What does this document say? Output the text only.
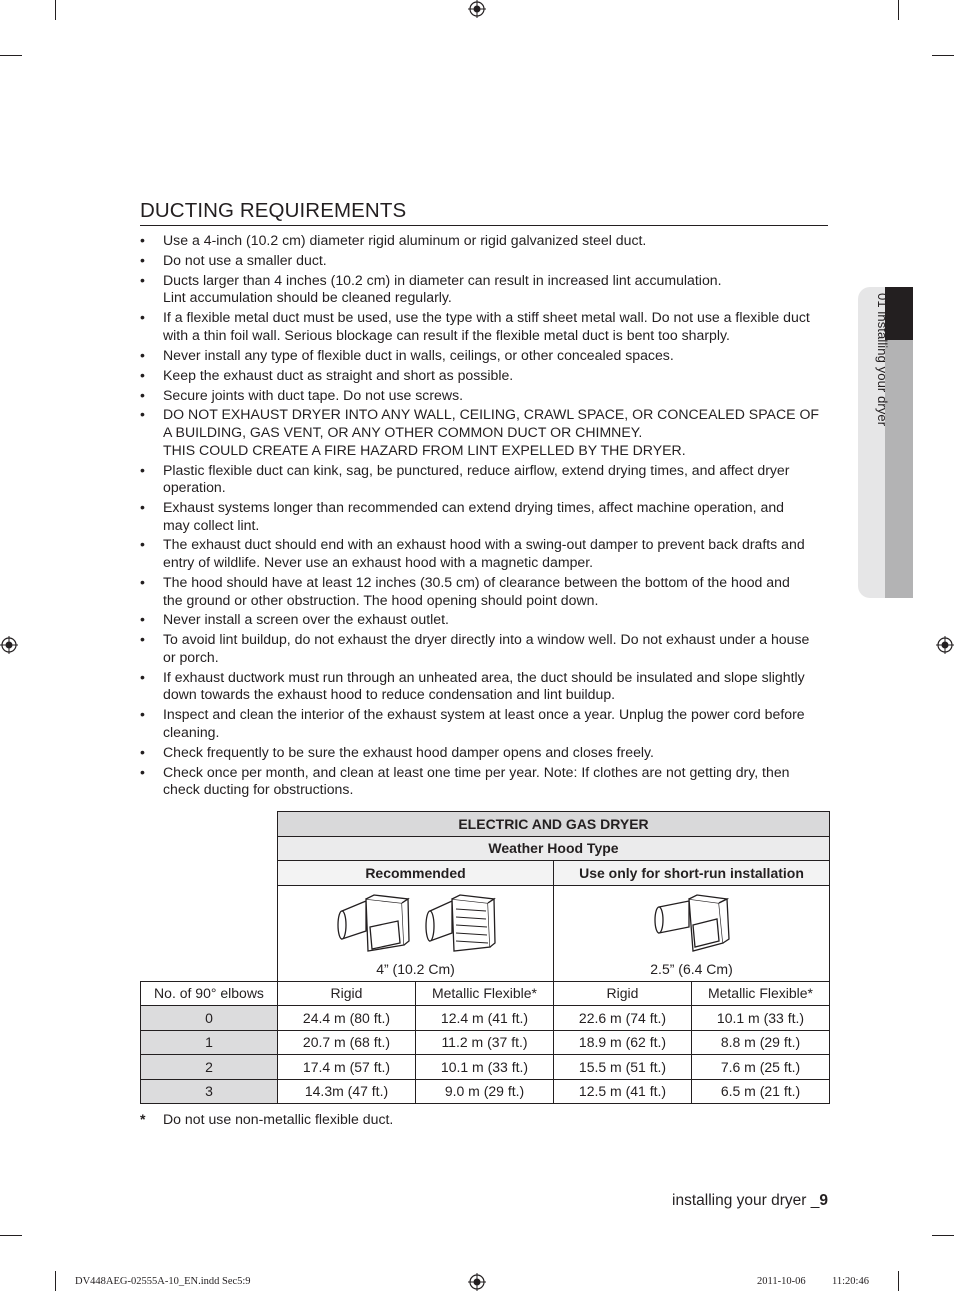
01 installing your dryer
DUCTING REQUIREMENTS
• Use a 4-inch (10.2 cm) diameter rigid aluminum or rigid galvanized steel duct.
• Do not use a smaller duct.
• Ducts larger than 4 inches (10.2 cm) in diameter can result in increased lint accumulation.
Lint accumulation should be cleaned regularly.
• If a flexible metal duct must be used, use the type with a stiff sheet metal wall. Do not use a flexible duct
with a thin foil wall. Serious blockage can result if the flexible metal duct is bent too sharply.
• Never install any type of flexible duct in walls, ceilings, or other concealed spaces.
• Keep the exhaust duct as straight and short as possible.
• Secure joints with duct tape. Do not use screws.
• DO NOT EXHAUST DRYER INTO ANY WALL, CEILING, CRAWL SPACE, OR CONCEALED SPACE OF
A BUILDING, GAS VENT, OR ANY OTHER COMMON DUCT OR CHIMNEY.
THIS COULD CREATE A FIRE HAZARD FROM LINT EXPELLED BY THE DRYER.
• Plastic flexible duct can kink, sag, be punctured, reduce airflow, extend drying times, and affect dryer
operation.
• Exhaust systems longer than recommended can extend drying times, affect machine operation, and
may collect lint.
• The exhaust duct should end with an exhaust hood with a swing-out damper to prevent back drafts and
entry of wildlife. Never use an exhaust hood with a magnetic damper.
• The hood should have at least 12 inches (30.5 cm) of clearance between the bottom of the hood and
the ground or other obstruction. The hood opening should point down.
• Never install a screen over the exhaust outlet.
• To avoid lint buildup, do not exhaust the dryer directly into a window well. Do not exhaust under a house
or porch.
• If exhaust ductwork must run through an unheated area, the duct should be insulated and slope slightly
down towards the exhaust hood to reduce condensation and lint buildup.
• Inspect and clean the interior of the exhaust system at least once a year. Unplug the power cord before
cleaning.
• Check frequently to be sure the exhaust hood damper opens and closes freely.
• Check once per month, and clean at least one time per year. Note: If clothes are not getting dry, then
check ducting for obstructions.
	ELECTRIC AND GAS DRYER			
	Weather Hood Type			
	Recommended		Use only for short-run installation	

	4” (10.2 Cm)		2.5” (6.4 Cm)	

No. of 90° elbows	Rigid	Metallic Flexible*	Rigid	Metallic Flexible*
0	24.4 m (80 ft.)	12.4 m (41 ft.)	22.6 m (74 ft.)	10.1 m (33 ft.)
1	20.7 m (68 ft.)	11.2 m (37 ft.)	18.9 m (62 ft.)	8.8 m (29 ft.)
2	17.4 m (57 ft.)	10.1 m (33 ft.)	15.5 m (51 ft.)	7.6 m (25 ft.)
3	14.3m (47 ft.)	9.0 m (29 ft.)	12.5 m (41 ft.)	6.5 m (21 ft.)
* Do not use non-metallic flexible duct.
installing your dryer _9
DV448AEG-02555A-10_EN.indd Sec5:9	2011-10-06	11:20:46
